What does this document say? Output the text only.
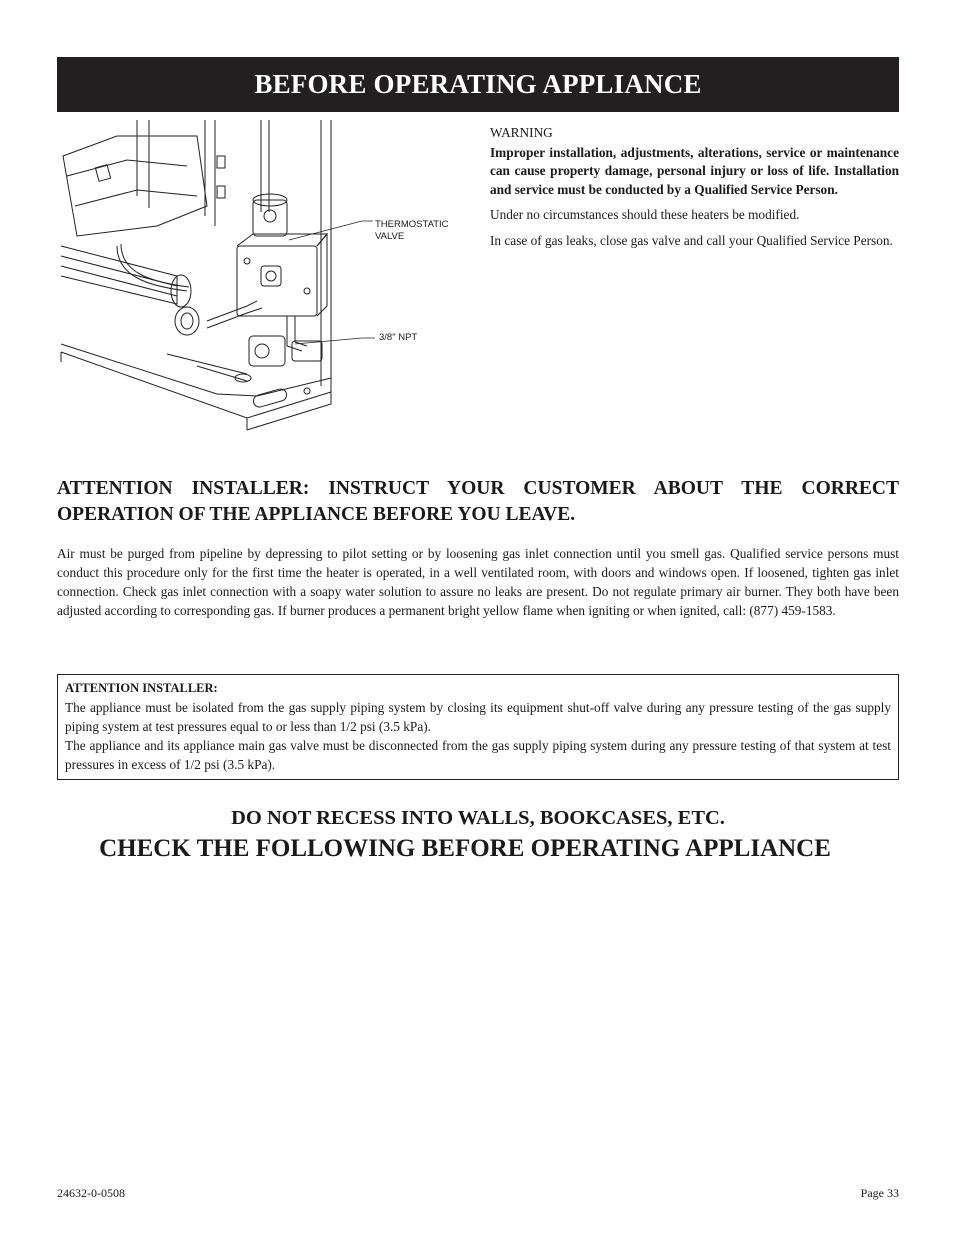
BEFORE OPERATING APPLIANCE
THERMOSTATIC
VALVE
3/8" NPT

WARNING

Improper installation, adjustments, alterations, service or maintenance can cause property damage, personal injury or loss of life. Installation and service must be conducted by a Qualified Service Person.

Under no circumstances should these heaters be modified.

In case of gas leaks, close gas valve and call your Qualified Service Person.

ATTENTION INSTALLER: INSTRUCT YOUR CUSTOMER ABOUT THE CORRECT OPERATION OF THE APPLIANCE BEFORE YOU LEAVE.

Air must be purged from pipeline by depressing to pilot setting or by loosening gas inlet connection until you smell gas. Qualified service persons must conduct this procedure only for the first time the heater is operated, in a well ventilated room, with doors and windows open. If loosened, tighten gas inlet connection. Check gas inlet connection with a soapy water solution to assure no leaks are present. Do not regulate primary air burner. They both have been adjusted according to corresponding gas. If burner produces a permanent bright yellow flame when igniting or when ignited, call: (877) 459-1583.

ATTENTION INSTALLER:

The appliance must be isolated from the gas supply piping system by closing its equipment shut-off valve during any pressure testing of the gas supply piping system at test pressures equal to or less than 1/2 psi (3.5 kPa).

The appliance and its appliance main gas valve must be disconnected from the gas supply piping system during any pressure testing of that system at test pressures in excess of 1/2 psi (3.5 kPa).

DO NOT RECESS INTO WALLS, BOOKCASES, ETC.
CHECK THE FOLLOWING BEFORE OPERATING APPLIANCE
24632-0-0508	Page 33
